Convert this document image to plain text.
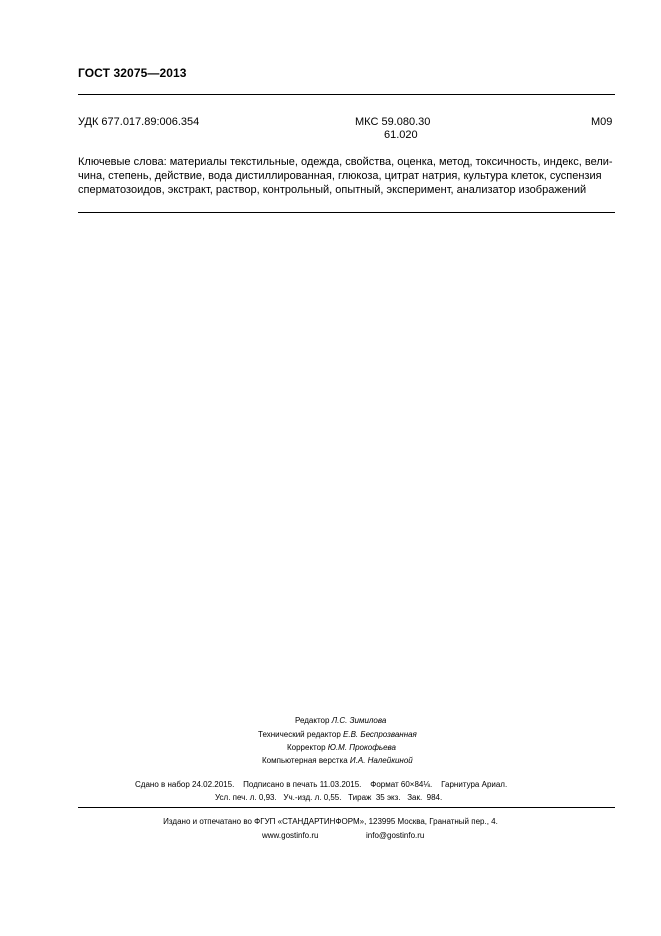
ГОСТ 32075—2013
УДК 677.017.89:006.354	МКС 59.080.30
61.020
М09
Ключевые слова: материалы текстильные, одежда, свойства, оценка, метод, токсичность, индекс, вели-
чина, степень, действие, вода дистиллированная, глюкоза, цитрат натрия, культура клеток, суспензия
сперматозоидов, экстракт, раствор, контрольный, опытный, эксперимент, анализатор изображений
Редактор Л.С. Зимилова
Технический редактор Е.В. Беспрозванная
Корректор Ю.М. Прокофьева
Компьютерная верстка И.А. Налейкиной
Сдано в набор 24.02.2015.    Подписано в печать 11.03.2015.    Формат 60×84⅛.    Гарнитура Ариал.
Усл. печ. л. 0,93.   Уч.-изд. л. 0,55.   Тираж  35 экз.   Зак.  984.
Издано и отпечатано во ФГУП «СТАНДАРТИНФОРМ», 123995 Москва, Гранатный пер., 4.
www.gostinfo.ru	info@gostinfo.ru
